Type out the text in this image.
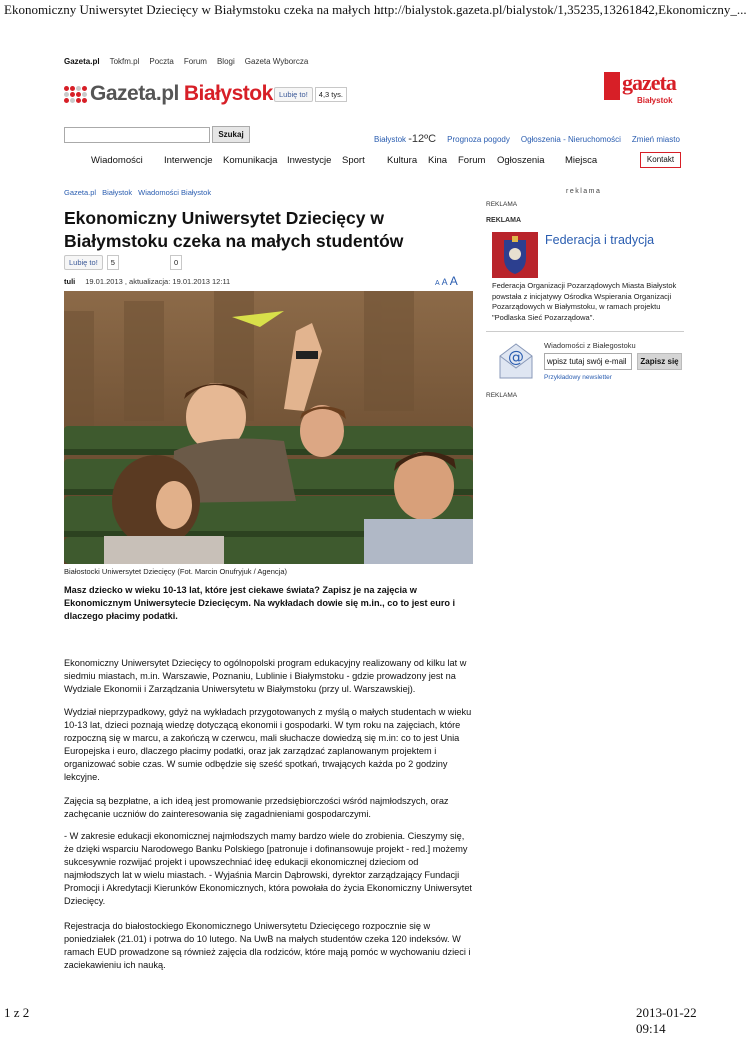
Ekonomiczny Uniwersytet Dziecięcy w Białymstoku czeka na małych ...
http://bialystok.gazeta.pl/bialystok/1,35235,13261842,Ekonomiczny_...
Gazeta.pl Tokfm.pl Poczta Forum Blogi Gazeta Wyborcza
Gazeta.pl Białystok Lubię to!	4,3 tys.	gazeta
Białystok
Szukaj
Białystok -12ºC Prognoza pogody Ogłoszenia - Nieruchomości Zmień miasto
Wiadomości	Interwencje	Komunikacja	Inwestycje	Sport	Kultura	Kina	Forum	Ogłoszenia	Miejsca	Kontakt
Gazeta.pl Białystok Wiadomości Białystok	reklama
Ekonomiczny Uniwersytet Dziecięcy w Białymstoku czeka na małych studentów
Lubię to!	5	0
tuli 19.01.2013 , aktualizacja: 19.01.2013 12:11	A A A
Białostocki Uniwersytet Dziecięcy (Fot. Marcin Onufryjuk / Agencja)
Masz dziecko w wieku 10-13 lat, które jest ciekawe świata? Zapisz je na zajęcia w Ekonomicznym Uniwersytecie Dziecięcym. Na wykładach dowie się m.in., co to jest euro i dlaczego płacimy podatki.
Ekonomiczny Uniwersytet Dziecięcy to ogólnopolski program edukacyjny realizowany od kilku lat w siedmiu miastach, m.in. Warszawie, Poznaniu, Lublinie i Białymstoku - gdzie prowadzony jest na Wydziale Ekonomii i Zarządzania Uniwersytetu w Białymstoku (przy ul. Warszawskiej).
Wydział nieprzypadkowy, gdyż na wykładach przygotowanych z myślą o małych studentach w wieku 10-13 lat, dzieci poznają wiedzę dotyczącą ekonomii i gospodarki. W tym roku na zajęciach, które rozpoczną się w marcu, a zakończą w czerwcu, mali słuchacze dowiedzą się m.in: co to jest Unia Europejska i euro, dlaczego płacimy podatki, oraz jak zarządzać zaplanowanym projektem i organizować sobie czas. W sumie odbędzie się sześć spotkań, trwających każda po 2 godziny lekcyjne.
Zajęcia są bezpłatne, a ich ideą jest promowanie przedsiębiorczości wśród najmłodszych, oraz zachęcanie uczniów do zainteresowania się zagadnieniami gospodarczymi.
- W zakresie edukacji ekonomicznej najmłodszych mamy bardzo wiele do zrobienia. Cieszymy się, że dzięki wsparciu Narodowego Banku Polskiego [patronuje i dofinansowuje projekt - red.] możemy sukcesywnie rozwijać projekt i upowszechniać ideę edukacji ekonomicznej dzieciom od najmłodszych lat w wielu miastach. - Wyjaśnia Marcin Dąbrowski, dyrektor zarządzający Fundacji Promocji i Akredytacji Kierunków Ekonomicznych, która powołała do życia Ekonomiczny Uniwersytet Dziecięcy.
Rejestracja do białostockiego Ekonomicznego Uniwersytetu Dziecięcego rozpocznie się w poniedziałek (21.01) i potrwa do 10 lutego. Na UwB na małych studentów czeka 120 indeksów. W ramach EUD prowadzone są również zajęcia dla rodziców, które mają pomóc w wychowaniu dzieci i zaciekawieniu ich nauką.
REKLAMA
REKLAMA
Federacja i tradycja
Federacja Organizacji Pozarządowych Miasta Białystok powstała z inicjatywy Ośrodka Wspierania Organizacji Pozarządowych w Białymstoku, w ramach projektu "Podlaska Sieć Pozarządowa".
@
Wiadomości z Białegostoku
wpisz tutaj swój e-mail	Zapisz się
Przykładowy newsletter
REKLAMA
1 z 2	2013-01-22 09:14
